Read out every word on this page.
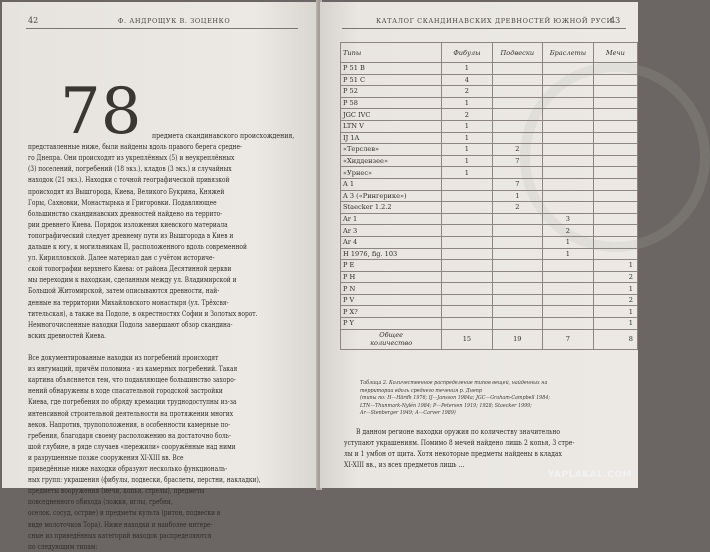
42	Ф. АНДРОЩУК В. ЗОЦЕНКО
78 предмета скандинавского происхождения,
представленные ниже, были найдены вдоль правого берега средне-
го Днепра. Они происходят из укреплённых (5) и неукреплённых
(3) поселений, погребений (18 экз.), кладов (3 экз.) и случайных
находок (21 экз.). Находки с точной географической привязкой
происходят из Вышгорода, Киева, Великого Букрина, Княжей
Горы, Сахновки, Монастырька и Григоровки. Подавляющее
большинство скандинавских древностей найдено на террито-
рии древнего Киева. Порядок изложения киевского материала
топографический следует древнему пути из Вышгорода в Киев и
дальше к югу, к могильникам II, расположенного вдоль современной
ул. Кирилловской. Далее материал дан с учётом историче-
ской топографии верхнего Киева: от района Десятинной церкви
мы переходим к находкам, сделанным между ул. Владимирской и
Большой Житомирской, затем описываются древности, най-
денные на территории Михайловского монастыря (ул. Трёхсвя-
тительская), а также на Подоле, в окрестностях Софии и Золотых ворот.
Немногочисленные находки Подола завершают обзор скандина-
вских древностей Киева.
Все документированные находки из погребений происходят
из ингумаций, причём половина - из камерных погребений. Такая
картина объясняется тем, что подавляющее большинство захоро-
нений обнаружены в ходе спасательной городской застройки
Киева, где погребения по обряду кремации труднодоступны из-за
интенсивной строительной деятельности на протяжении многих
веков. Напротив, трупоположения, в особенности камерные по-
гребения, благодаря своему расположению на достаточно боль-
шой глубине, в ряде случаев «пережили» сооружённые над ними
и разрушенные позже сооружения XI-XIII вв. Все
приведённые ниже находки образуют несколько функциональ-
ных групп: украшения (фибулы, подвески, браслеты, перстни, накладки),
предметы вооружения (мечи, копья, стрелы), предметы
повседневного обихода (ложки, иглы, гребни,
оселок, сосуд, острие) и предметы культа (ритон, подвески в
виде молоточков Тора). Ниже находки и наиболее интере-
сные из приведённых категорий находок распределяются
по следующим типам:
КАТАЛОГ СКАНДИНАВСКИХ ДРЕВНОСТЕЙ ЮЖНОЙ РУСИ
43
Типы	Фибулы	Подвески	Браслеты	Мечи
P 51 B	1			
P 51 C	4			
P 52	2			
P 58	1			
JGC IVC	2			
LTN V	1			
IJ 1A	1			
«Терслев»	1	2		
«Хиддензее»	1	7		
«Урнес»	1			
A 1		7		
A 3 («Рингерике»)		1		
Staecker 1.2.2		2		
Ar 1			3	
Ar 3			2	
Ar 4			1	
H 1976, fig. 103			1	
P E				1
P H				2
P N				1
P V				2
P X?				1
P Y				1

Общее
количество	15	19	7	8
Таблица 2. Количественное распределение типов вещей, найденных на
территории вдоль среднего течения р. Днепр
(типы по: H—Härdh 1976; IJ—Jansson 1984a; JGC—Graham-Campbell 1984;
LTN—Thunmark-Nylén 1984; P—Petersen 1919; 1928; Staecker 1999;
Ar—Stenberger 1949; A—Carver 1989)
В данном регионе находки оружия по количеству значительно
уступают украшениям. Помимо 8 мечей найдено лишь 2 копья, 3 стре-
лы и 1 умбон от щита. Хотя некоторые предметы найдены в кладах
XI-XIII вв., из всех предметов лишь ...
YAPLAKAL.COM
